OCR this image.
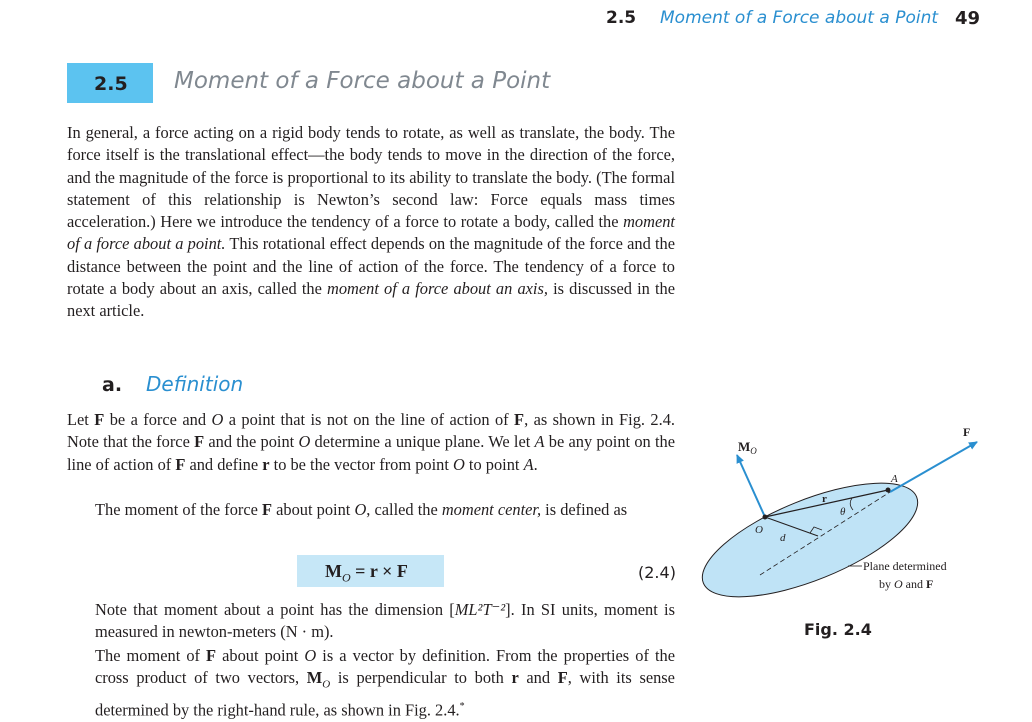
2.5 Moment of a Force about a Point 49
2.5 Moment of a Force about a Point

In general, a force acting on a rigid body tends to rotate, as well as translate, the body. The force itself is the translational effect—the body tends to move in the direction of the force, and the magnitude of the force is proportional to its ability to translate the body. (The formal statement of this relationship is Newton’s second law: Force equals mass times acceleration.) Here we introduce the tendency of a force to rotate a body, called the moment of a force about a point. This rotational effect depends on the magnitude of the force and the distance between the point and the line of action of the force. The tendency of a force to rotate a body about an axis, called the moment of a force about an axis, is discussed in the next article.

a. Definition

Let F be a force and O a point that is not on the line of action of F, as shown in Fig. 2.4. Note that the force F and the point O determine a unique plane. We let A be any point on the line of action of F and define r to be the vector from point O to point A.

The moment of the force F about point O, called the moment center, is defined as

$M_O = r \times F$	(2.4)

Note that moment about a point has the dimension [ML²T⁻²]. In SI units, moment is measured in newton-meters (N · m).

The moment of F about point O is a vector by definition. From the properties of the cross product of two vectors, $M_O$ is perpendicular to both r and F, with its sense determined by the right-hand rule, as shown in Fig. 2.4.*

$M_O$
F
A
r
θ
O
d
Plane determined
by O and F
Fig. 2.4
